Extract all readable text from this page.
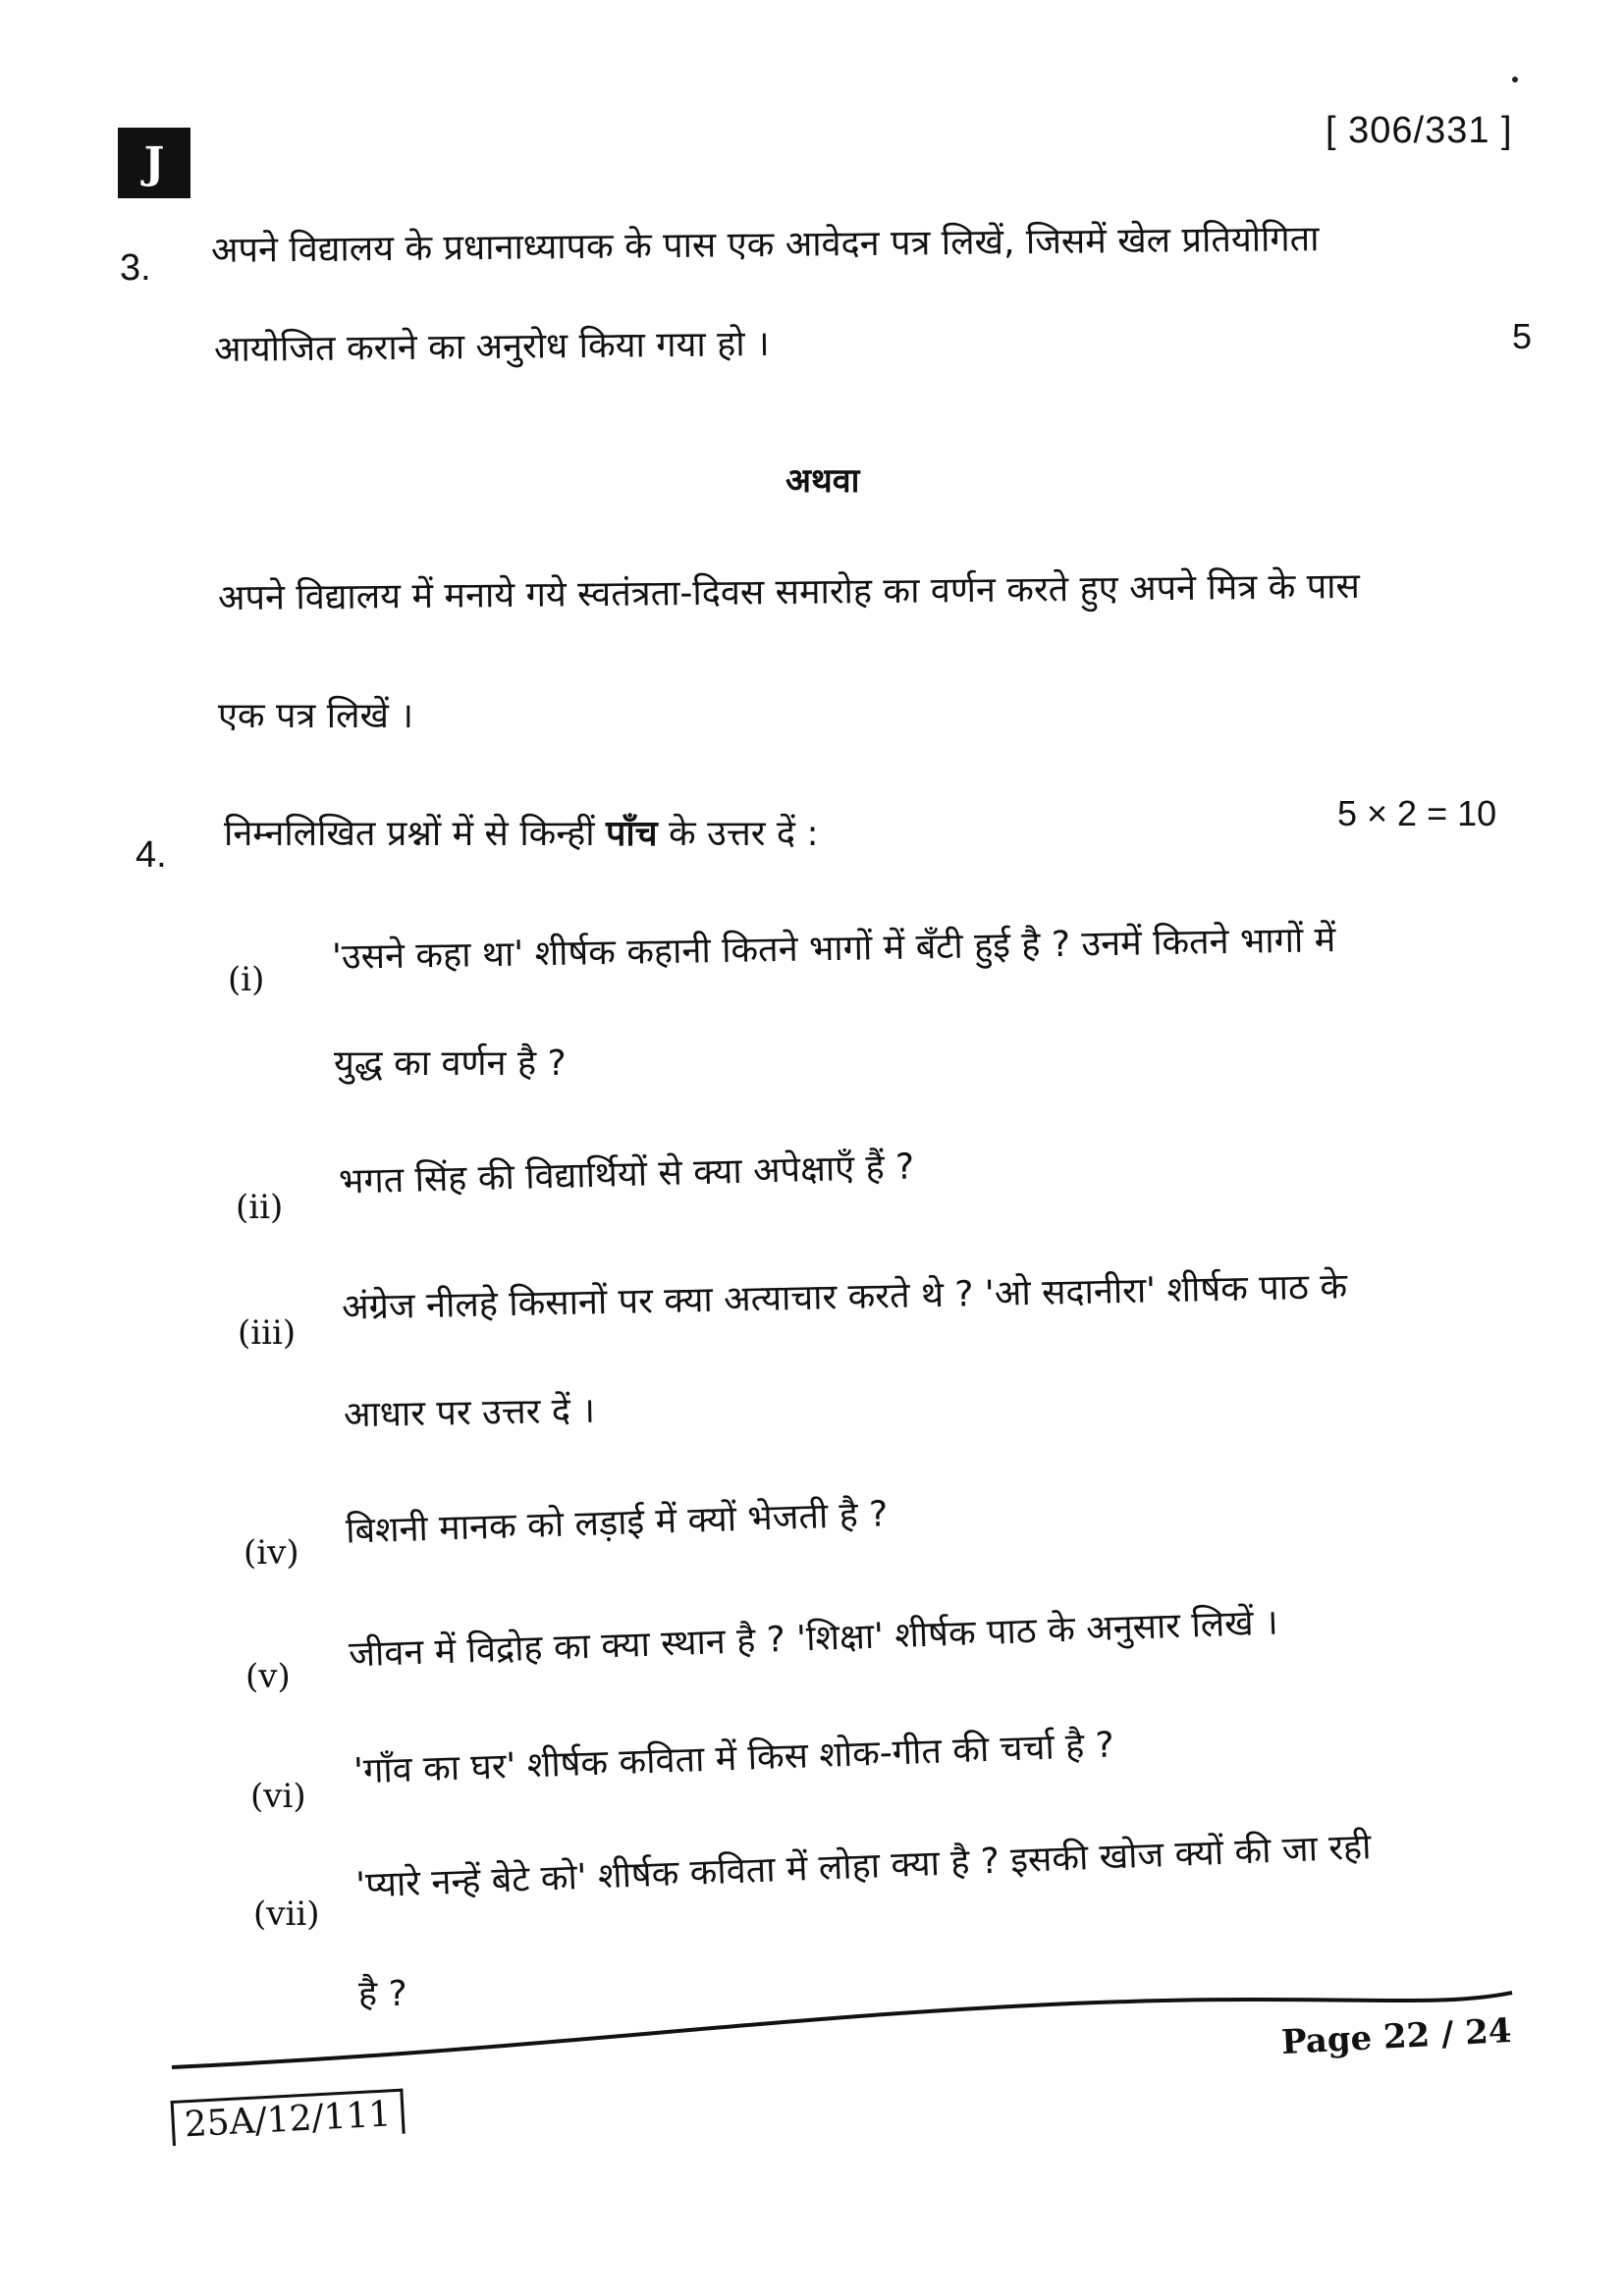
J
[ 306/331 ]
3. अपने विद्यालय के प्रधानाध्यापक के पास एक आवेदन पत्र लिखें, जिसमें खेल प्रतियोगिता
आयोजित कराने का अनुरोध किया गया हो ।	5
अथवा
अपने विद्यालय में मनाये गये स्वतंत्रता-दिवस समारोह का वर्णन करते हुए अपने मित्र के पास
एक पत्र लिखें ।
4.
निम्नलिखित प्रश्नों में से किन्हीं पाँच के उत्तर दें :
5 × 2 = 10
(i)
'उसने कहा था' शीर्षक कहानी कितने भागों में बँटी हुई है ? उनमें कितने भागों में
युद्ध का वर्णन है ?
(ii)
भगत सिंह की विद्यार्थियों से क्या अपेक्षाएँ हैं ?
(iii)
अंग्रेज नीलहे किसानों पर क्या अत्याचार करते थे ? 'ओ सदानीरा' शीर्षक पाठ के
आधार पर उत्तर दें ।
(iv)
बिशनी मानक को लड़ाई में क्यों भेजती है ?
(v)
जीवन में विद्रोह का क्या स्थान है ? 'शिक्षा' शीर्षक पाठ के अनुसार लिखें ।
(vi)
'गाँव का घर' शीर्षक कविता में किस शोक-गीत की चर्चा है ?
(vii)
'प्यारे नन्हें बेटे को' शीर्षक कविता में लोहा क्या है ? इसकी खोज क्यों की जा रही
है ?
Page 22 / 24
25A/12/111
